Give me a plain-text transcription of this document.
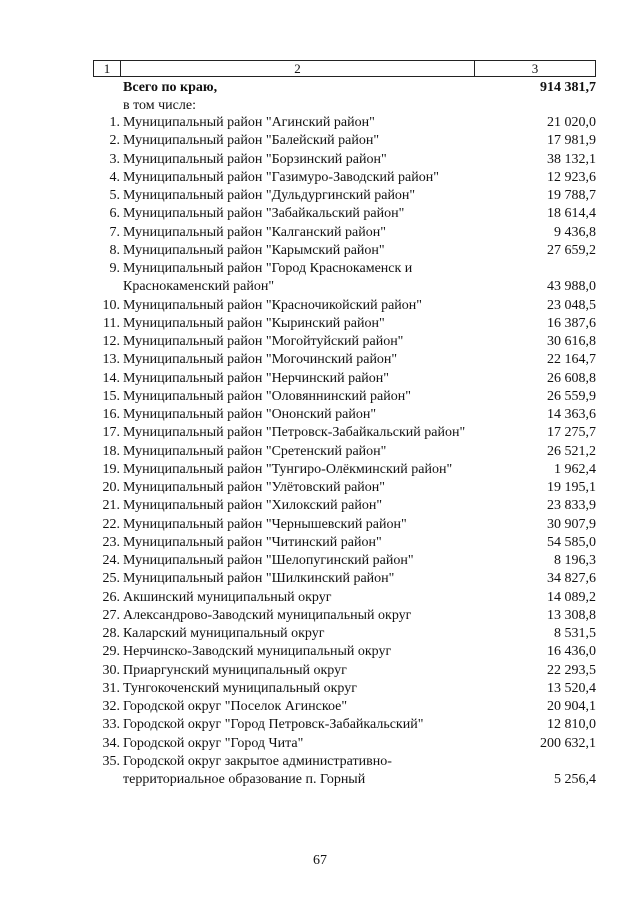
1	2	3
Всего по краю,	914 381,7
в том числе:
1. Муниципальный район "Агинский район"	21 020,0
2. Муниципальный район "Балейский район"	17 981,9
3. Муниципальный район "Борзинский район"	38 132,1
4. Муниципальный район "Газимуро-Заводский район"	12 923,6
5. Муниципальный район "Дульдургинский район"	19 788,7
6. Муниципальный район "Забайкальский район"	18 614,4
7. Муниципальный район "Калганский район"	9 436,8
8. Муниципальный район "Карымский район"	27 659,2
9. Муниципальный район "Город Краснокаменск и Краснокаменский район"	43 988,0
10. Муниципальный район "Красночикойский район"	23 048,5
11. Муниципальный район "Кыринский район"	16 387,6
12. Муниципальный район "Могойтуйский район"	30 616,8
13. Муниципальный район "Могочинский район"	22 164,7
14. Муниципальный район "Нерчинский район"	26 608,8
15. Муниципальный район "Оловяннинский район"	26 559,9
16. Муниципальный район "Ононский район"	14 363,6
17. Муниципальный район "Петровск-Забайкальский район"	17 275,7
18. Муниципальный район "Сретенский район"	26 521,2
19. Муниципальный район "Тунгиро-Олёкминский район"	1 962,4
20. Муниципальный район "Улётовский район"	19 195,1
21. Муниципальный район "Хилокский район"	23 833,9
22. Муниципальный район "Чернышевский район"	30 907,9
23. Муниципальный район "Читинский район"	54 585,0
24. Муниципальный район "Шелопугинский район"	8 196,3
25. Муниципальный район "Шилкинский район"	34 827,6
26. Акшинский муниципальный округ	14 089,2
27. Александрово-Заводский муниципальный округ	13 308,8
28. Каларский муниципальный округ	8 531,5
29. Нерчинско-Заводский муниципальный округ	16 436,0
30. Приаргунский муниципальный округ	22 293,5
31. Тунгокоченский муниципальный округ	13 520,4
32. Городской округ "Поселок Агинское"	20 904,1
33. Городской округ "Город Петровск-Забайкальский"	12 810,0
34. Городской округ "Город Чита"	200 632,1
35. Городской округ закрытое административно-территориальное образование п. Горный	5 256,4
67
